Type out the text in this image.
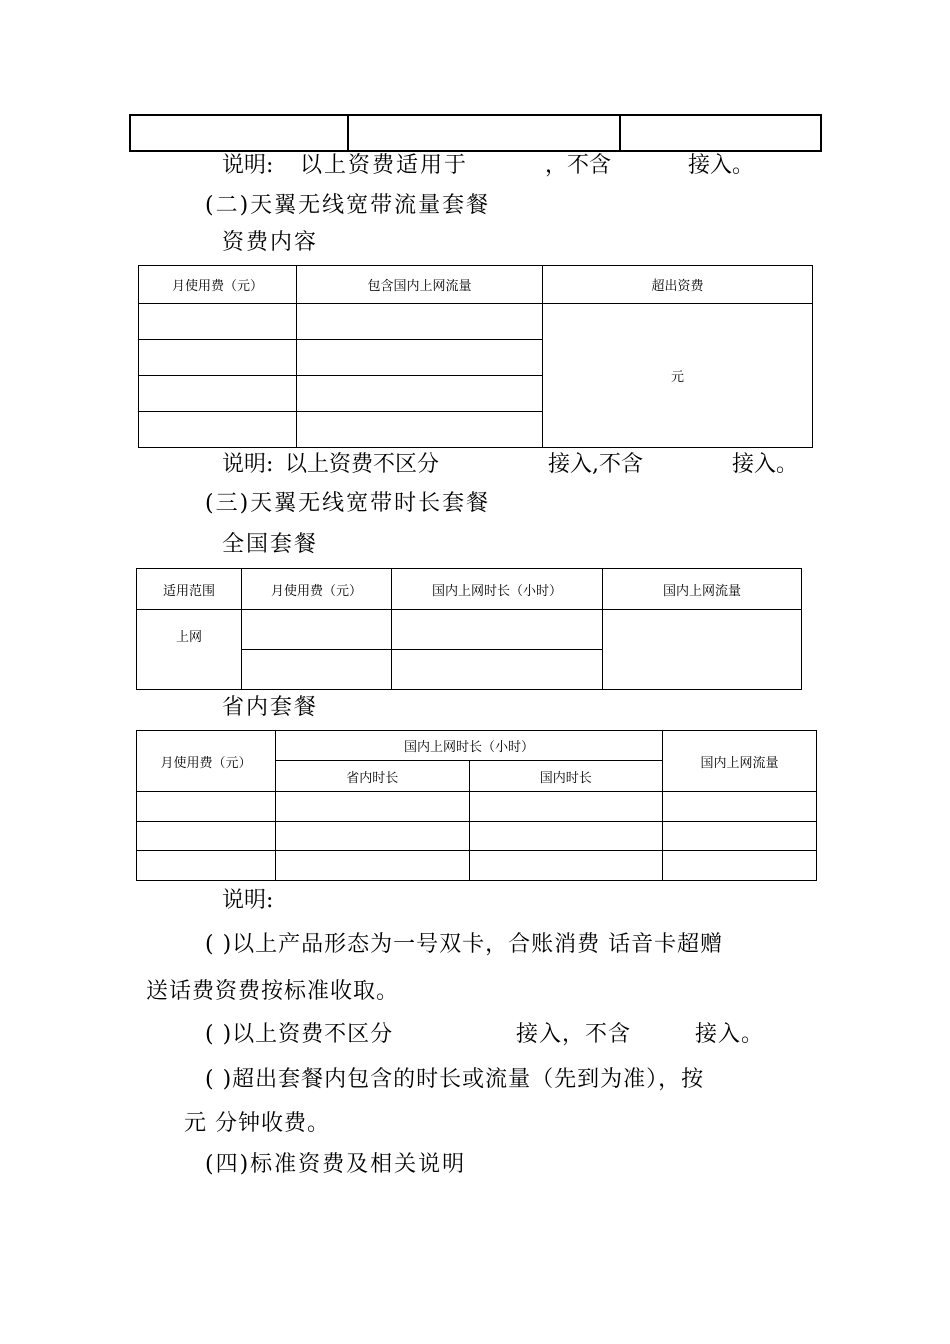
说明: 以上资费适用于	，不含	接入。
(二)天翼无线宽带流量套餐
资费内容
月使用费（元）	包含国内上网流量	超出资费
		元

说明: 以上资费不区分	接入,不含	接入。
(三)天翼无线宽带时长套餐
全国套餐
适用范围	月使用费（元）	国内上网时长（小时）	国内上网流量
上网			

省内套餐
月使用费（元）	国内上网时长（小时）		国内上网流量
	省内时长	国内时长	

说明:
( )以上产品形态为一号双卡，合账消费 话音卡超赠
送话费资费按标准收取。
( )以上资费不区分	接入，不含	接入。
( )超出套餐内包含的时长或流量（先到为准），按
元 分钟收费。
(四)标准资费及相关说明
